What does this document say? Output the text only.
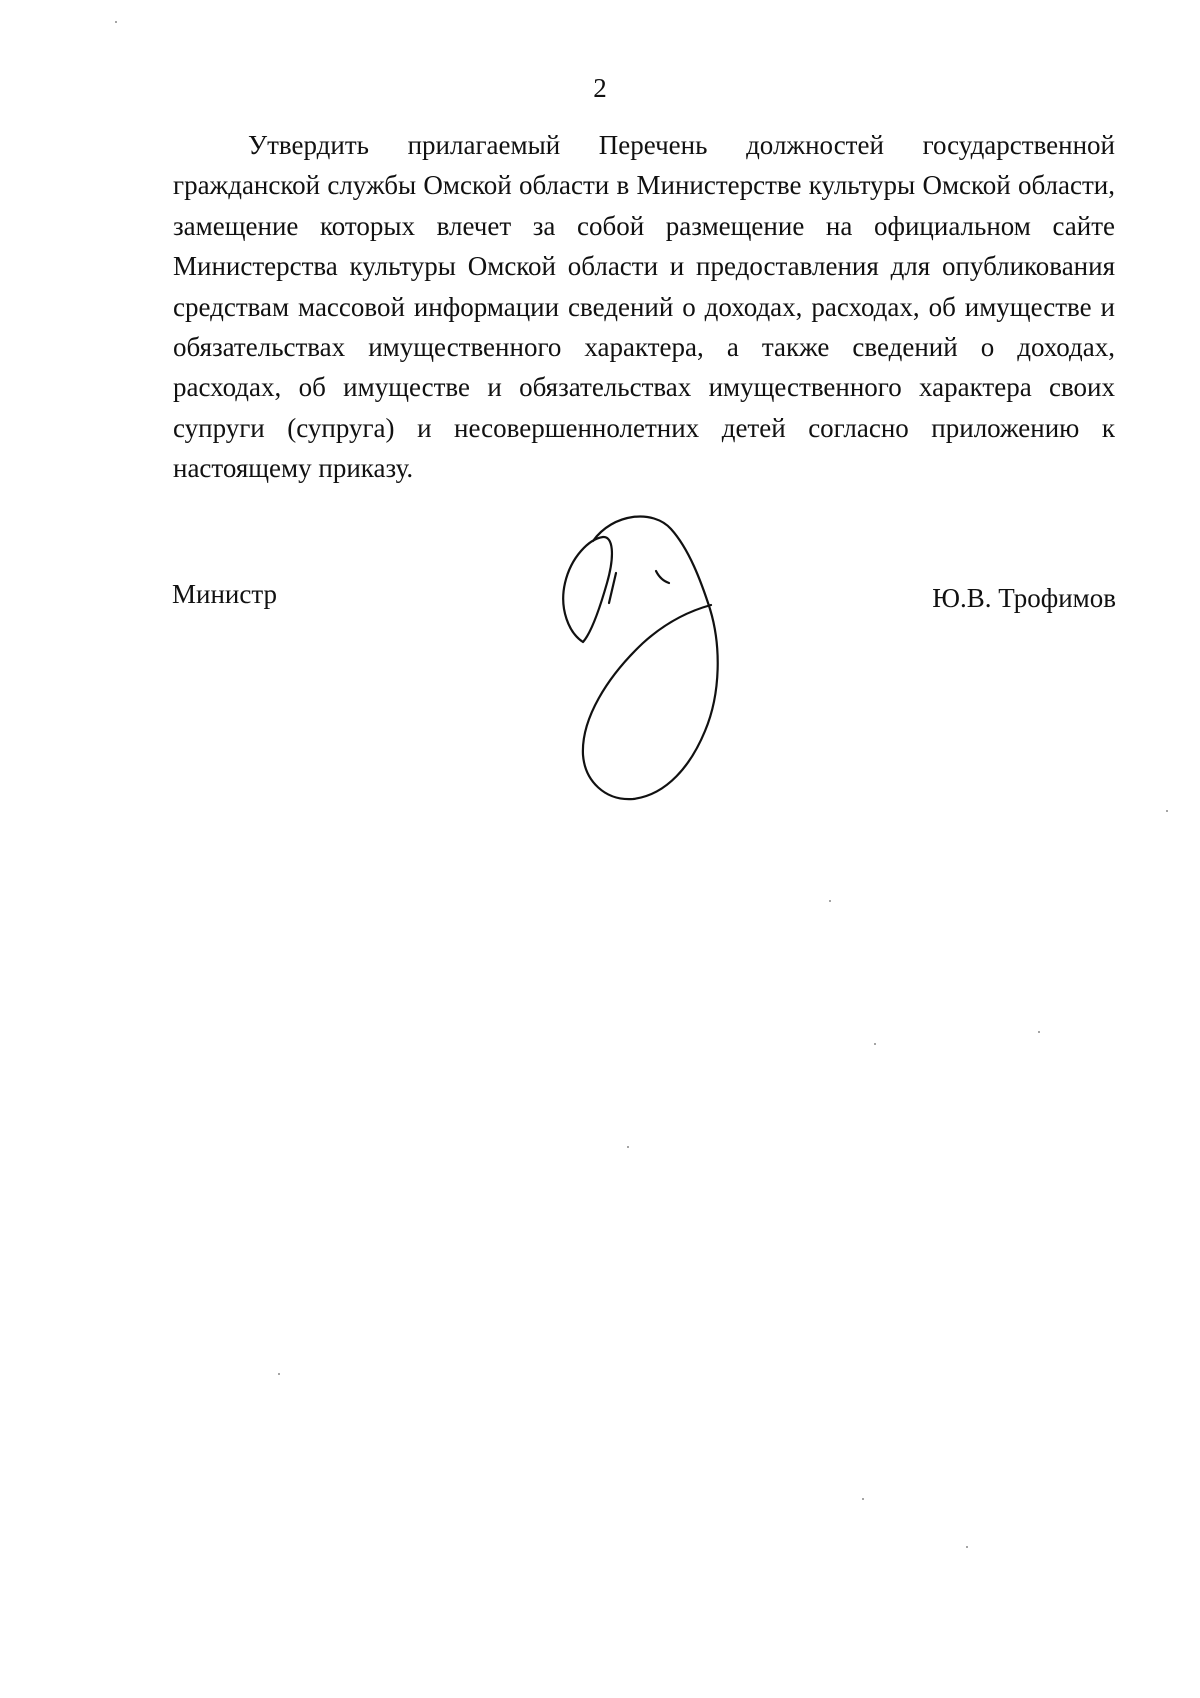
2

Утвердить прилагаемый Перечень должностей государственной гражданской службы Омской области в Министерстве культуры Омской области, замещение которых влечет за собой размещение на официальном сайте Министерства культуры Омской области и предоставления для опубликования средствам массовой информации сведений о доходах, расходах, об имуществе и обязательствах имущественного характера, а также сведений о доходах, расходах, об имуществе и обязательствах имущественного характера своих супруги (супруга) и несовершеннолетних детей согласно приложению к настоящему приказу.

Министр	Ю.В. Трофимов
